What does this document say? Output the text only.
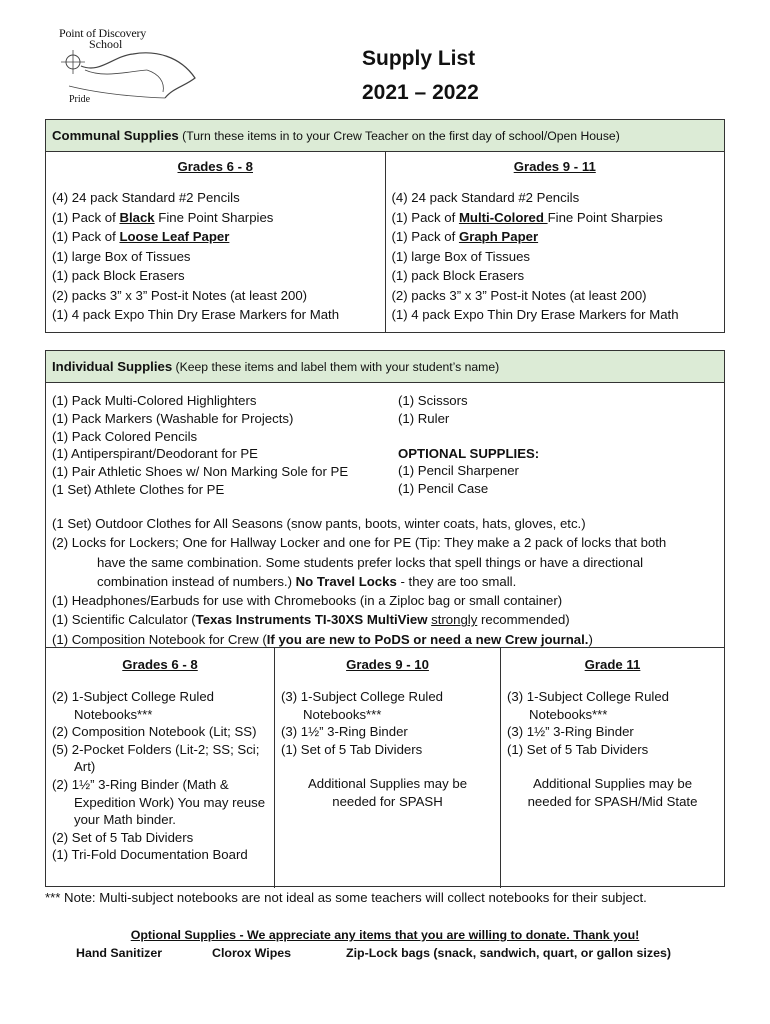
Point of Discovery
School
Pride
Supply List
2021 – 2022
Communal Supplies (Turn these items in to your Crew Teacher on the first day of school/Open House)
Grades 6 - 8
(4) 24 pack Standard #2 Pencils
(1) Pack of Black Fine Point Sharpies
(1) Pack of Loose Leaf Paper
(1) large Box of Tissues
(1) pack Block Erasers
(2) packs 3” x 3” Post-it Notes (at least 200)
(1) 4 pack Expo Thin Dry Erase Markers for Math
Grades 9 - 11
(4) 24 pack Standard #2 Pencils
(1) Pack of Multi-Colored Fine Point Sharpies
(1) Pack of Graph Paper
(1) large Box of Tissues
(1) pack Block Erasers
(2) packs 3” x 3” Post-it Notes (at least 200)
(1) 4 pack Expo Thin Dry Erase Markers for Math
Individual Supplies (Keep these items and label them with your student’s name)
(1) Pack Multi-Colored Highlighters
(1) Pack Markers (Washable for Projects)
(1) Pack Colored Pencils
(1) Antiperspirant/Deodorant for PE
(1) Pair Athletic Shoes w/ Non Marking Sole for PE
(1 Set) Athlete Clothes for PE
(1) Scissors
(1) Ruler
OPTIONAL SUPPLIES:
(1) Pencil Sharpener
(1) Pencil Case
(1 Set) Outdoor Clothes for All Seasons (snow pants, boots, winter coats, hats, gloves, etc.)
(2) Locks for Lockers; One for Hallway Locker and one for PE (Tip: They make a 2 pack of locks that both
have the same combination. Some students prefer locks that spell things or have a directional
combination instead of numbers.) No Travel Locks - they are too small.
(1) Headphones/Earbuds for use with Chromebooks (in a Ziploc bag or small container)
(1) Scientific Calculator (Texas Instruments TI-30XS MultiView strongly recommended)
(1) Composition Notebook for Crew (If you are new to PoDS or need a new Crew journal.)
Grades 6 - 8
(2) 1-Subject College Ruled Notebooks***
(2) Composition Notebook (Lit; SS)
(5) 2-Pocket Folders (Lit-2; SS; Sci; Art)
(2) 1½” 3-Ring Binder (Math & Expedition Work) You may reuse your Math binder.
(2) Set of 5 Tab Dividers
(1) Tri-Fold Documentation Board
Grades 9 - 10
(3) 1-Subject College Ruled Notebooks***
(3) 1½” 3-Ring Binder
(1) Set of 5 Tab Dividers
Additional Supplies may be needed for SPASH
Grade 11
(3) 1-Subject College Ruled Notebooks***
(3) 1½” 3-Ring Binder
(1) Set of 5 Tab Dividers
Additional Supplies may be needed for SPASH/Mid State
*** Note: Multi-subject notebooks are not ideal as some teachers will collect notebooks for their subject.
Optional Supplies - We appreciate any items that you are willing to donate. Thank you!
Hand Sanitizer	Clorox Wipes	Zip-Lock bags (snack, sandwich, quart, or gallon sizes)
